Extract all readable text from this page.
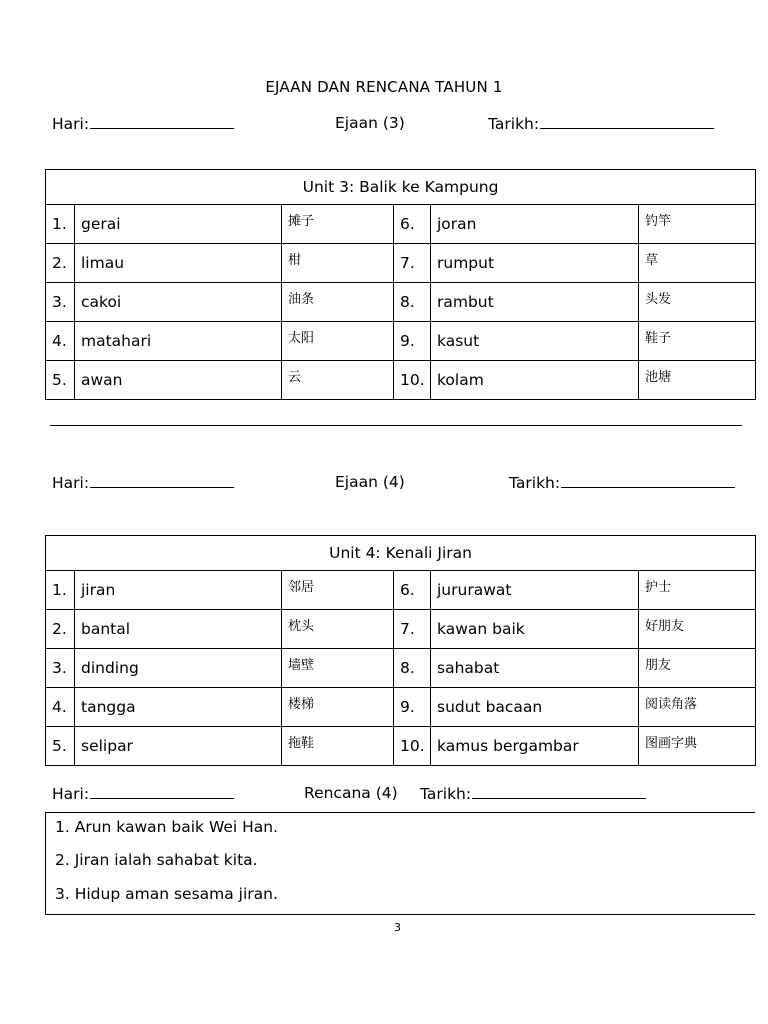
EJAAN DAN RENCANA TAHUN 1
Hari:	Ejaan (3)	Tarikh:
Unit 3: Balik ke Kampung					
1.	gerai	摊子	6.	joran	钓竿
2.	limau	柑	7.	rumput	草
3.	cakoi	油条	8.	rambut	头发
4.	matahari	太阳	9.	kasut	鞋子
5.	awan	云	10.	kolam	池塘
Hari:	Ejaan (4)	Tarikh:
Unit 4: Kenali Jiran					
1.	jiran	邻居	6.	jururawat	护士
2.	bantal	枕头	7.	kawan baik	好朋友
3.	dinding	墙壁	8.	sahabat	朋友
4.	tangga	楼梯	9.	sudut bacaan	阅读角落
5.	selipar	拖鞋	10.	kamus bergambar	图画字典
Hari:	Rencana (4) Tarikh:
1. Arun kawan baik Wei Han.
2. Jiran ialah sahabat kita.
3. Hidup aman sesama jiran.
3
